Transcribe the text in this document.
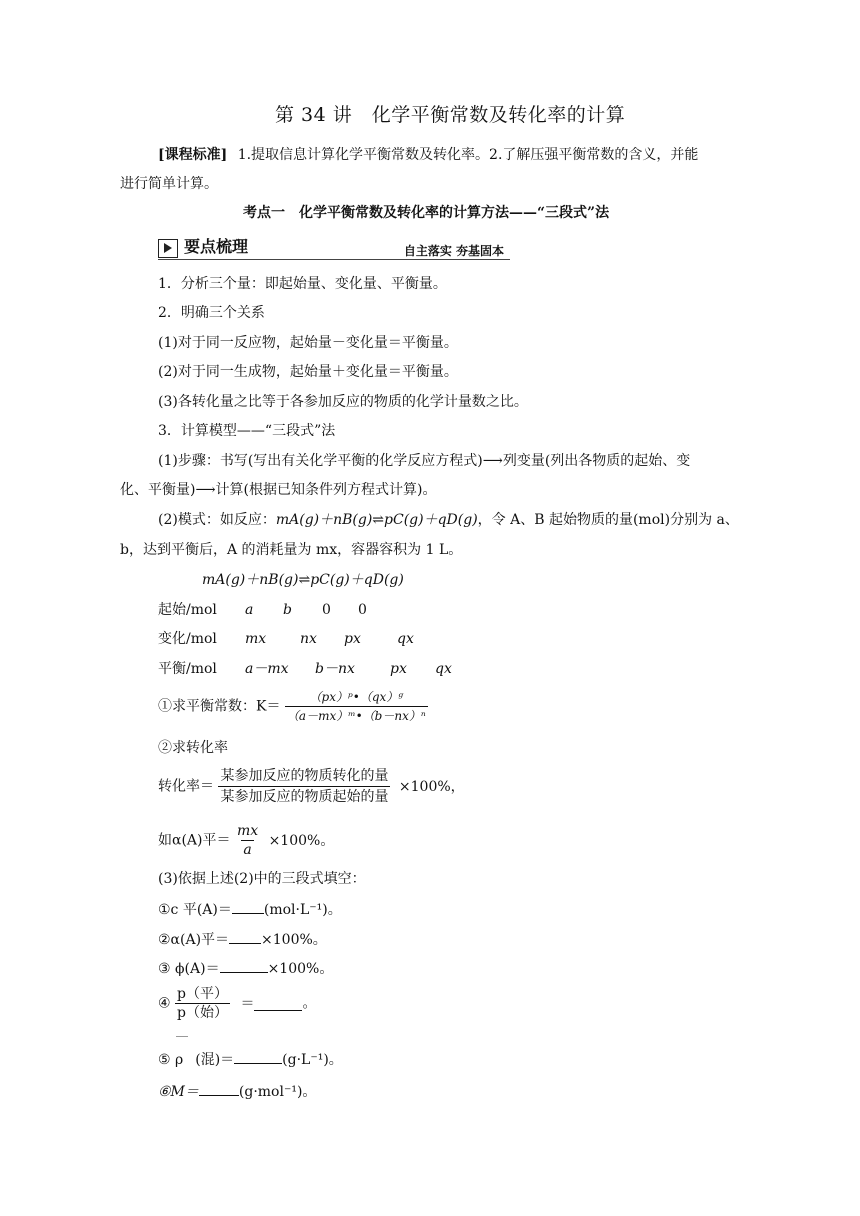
第 34 讲　化学平衡常数及转化率的计算
[课程标准] 1.提取信息计算化学平衡常数及转化率。2.了解压强平衡常数的含义，并能
进行简单计算。
考点一　化学平衡常数及转化率的计算方法——“三段式”法
要点梳理	自主落实 夯基固本
1．分析三个量：即起始量、变化量、平衡量。
2．明确三个关系
(1)对于同一反应物，起始量－变化量＝平衡量。
(2)对于同一生成物，起始量＋变化量＝平衡量。
(3)各转化量之比等于各参加反应的物质的化学计量数之比。
3．计算模型——“三段式”法
(1)步骤：书写(写出有关化学平衡的化学反应方程式)⟶列变量(列出各物质的起始、变
化、平衡量)⟶计算(根据已知条件列方程式计算)。
(2)模式：如反应：mA(g)＋nB(g)⇌pC(g)＋qD(g)，令 A、B 起始物质的量(mol)分别为 a、
b，达到平衡后，A 的消耗量为 mx，容器容积为 1 L。
mA(g)＋nB(g)⇌pC(g)＋qD(g)
起始/mol a b 0 0
变化/mol mx nx px	qx
平衡/mol a－mx b－nx	px qx
①求平衡常数：$K= \frac{\text{（px）ᵖ•（qx）ᵍ}}{\text{（a－mx）ᵐ•（b－nx）ⁿ}}$
②求转化率
转化率＝ $\frac{\text{某参加反应的物质转化的量}}{\text{某参加反应的物质起始的量}} \times 100\%$，
如α(A)平＝ $\frac{mx}{a} \times 100\%$。
(3)依据上述(2)中的三段式填空：
①c 平(A)＝ (mol·L⁻¹)。
②α(A)平＝ ×100%。
③ ϕ(A)＝	×100%。
④ $\frac{\text{p（平）}}{\text{p（始）}}$ ＝	。
⑤ ρ (混)＝	(g·L⁻¹)。
⑥M＝	(g·mol⁻¹)。
